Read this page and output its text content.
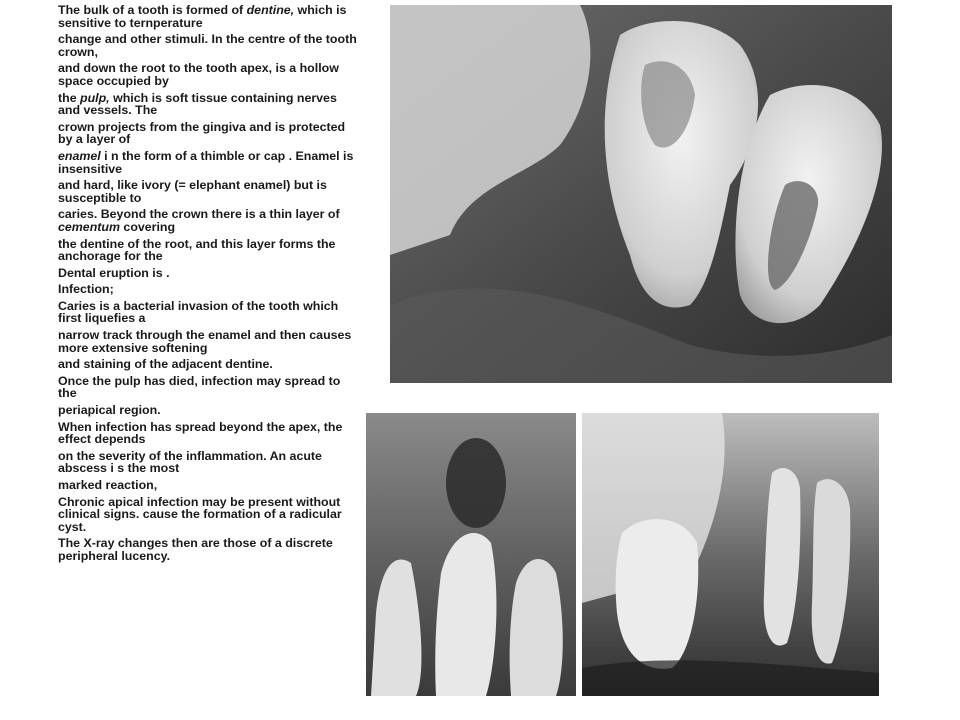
The bulk of a tooth is formed of dentine, which is sensitive to ternperature

change and other stimuli. In the centre of the tooth crown,

and down the root to the tooth apex, is a hollow space occupied by

the pulp, which is soft tissue containing nerves and vessels. The

crown projects from the gingiva and is protected by a layer of

enamel i n the form of a thimble or cap . Enamel is insensitive

and hard, like ivory (= elephant enamel) but is susceptible to

caries. Beyond the crown there is a thin layer of cementum covering

the dentine of the root, and this layer forms the anchorage for the

Dental eruption is .

Infection;

Caries is a bacterial invasion of the tooth which first liquefies a

narrow track through the enamel and then causes more extensive softening

and staining of the adjacent dentine.

Once the pulp has died, infection may spread to the

periapical region.

When infection has spread beyond the apex, the effect depends

on the severity of the inflammation. An acute abscess i s the most

marked reaction,

Chronic apical infection may be present without clinical signs. cause the formation of a radicular cyst.

The X-ray changes then are those of a discrete peripheral lucency.
